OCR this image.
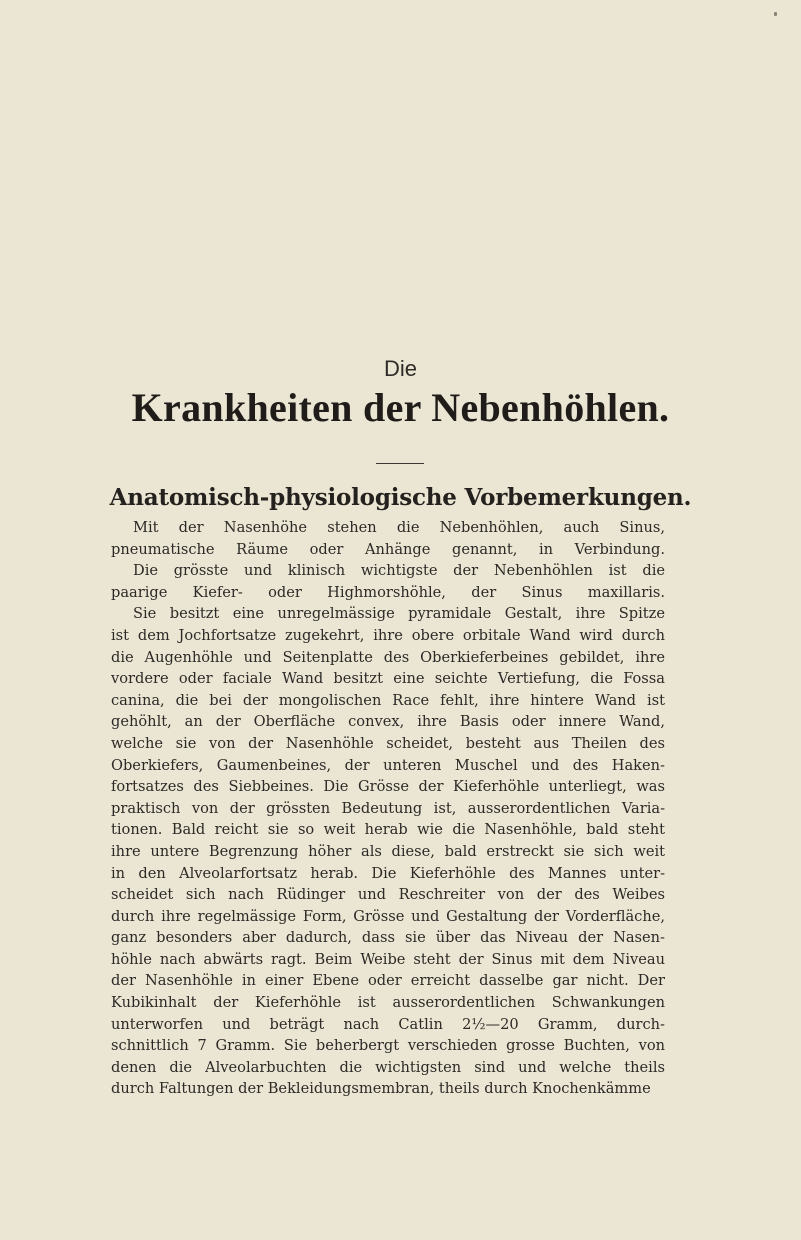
Die
Krankheiten der Nebenhöhlen.
Anatomisch-physiologische Vorbemerkungen.
Mit der Nasenhöhe stehen die Nebenhöhlen, auch Sinus,
pneumatische Räume oder Anhänge genannt, in Verbindung.
Die grösste und klinisch wichtigste der Nebenhöhlen ist die
paarige Kiefer- oder Highmorshöhle, der Sinus maxillaris.
Sie besitzt eine unregelmässige pyramidale Gestalt, ihre Spitze
ist dem Jochfortsatze zugekehrt, ihre obere orbitale Wand wird durch
die Augenhöhle und Seitenplatte des Oberkieferbeines gebildet, ihre
vordere oder faciale Wand besitzt eine seichte Vertiefung, die Fossa
canina, die bei der mongolischen Race fehlt, ihre hintere Wand ist
gehöhlt, an der Oberfläche convex, ihre Basis oder innere Wand,
welche sie von der Nasenhöhle scheidet, besteht aus Theilen des
Oberkiefers, Gaumenbeines, der unteren Muschel und des Haken-
fortsatzes des Siebbeines. Die Grösse der Kieferhöhle unterliegt, was
praktisch von der grössten Bedeutung ist, ausserordentlichen Varia-
tionen. Bald reicht sie so weit herab wie die Nasenhöhle, bald steht
ihre untere Begrenzung höher als diese, bald erstreckt sie sich weit
in den Alveolarfortsatz herab. Die Kieferhöhle des Mannes unter-
scheidet sich nach Rüdinger und Reschreiter von der des Weibes
durch ihre regelmässige Form, Grösse und Gestaltung der Vorderfläche,
ganz besonders aber dadurch, dass sie über das Niveau der Nasen-
höhle nach abwärts ragt. Beim Weibe steht der Sinus mit dem Niveau
der Nasenhöhle in einer Ebene oder erreicht dasselbe gar nicht. Der
Kubikinhalt der Kieferhöhle ist ausserordentlichen Schwankungen
unterworfen und beträgt nach Catlin 2½—20 Gramm, durch-
schnittlich 7 Gramm. Sie beherbergt verschieden grosse Buchten, von
denen die Alveolarbuchten die wichtigsten sind und welche theils
durch Faltungen der Bekleidungsmembran, theils durch Knochenkämme
